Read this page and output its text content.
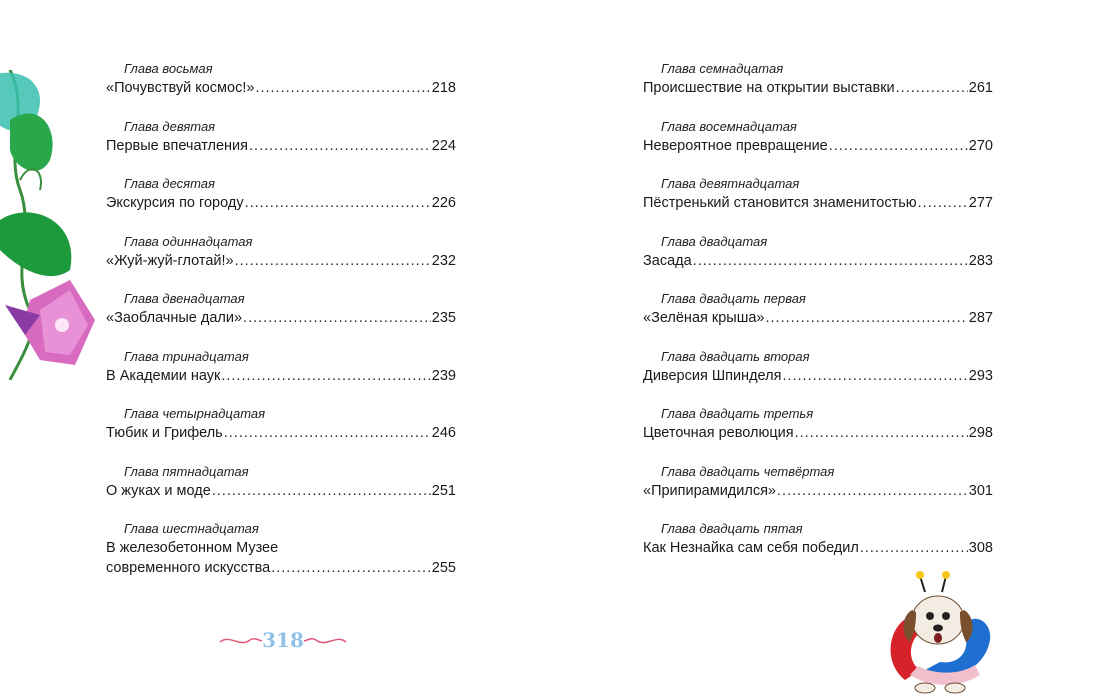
Глава восьмая
«Почувствуй космос!» .....	218
Глава девятая
Первые впечатления .....	224
Глава десятая
Экскурсия по городу .....	226
Глава одиннадцатая
«Жуй-жуй-глотай!» .....	232
Глава двенадцатая
«Заоблачные дали» .....	235
Глава тринадцатая
В Академии наук .....	239
Глава четырнадцатая
Тюбик и Грифель .....	246
Глава пятнадцатая
О жуках и моде .....	251
Глава шестнадцатая
В железобетонном Музее
современного искусства .....	255
Глава семнадцатая
Происшествие на открытии выставки .....	261
Глава восемнадцатая
Невероятное превращение .....	270
Глава девятнадцатая
Пёстренький становится знаменитостью .....	277
Глава двадцатая
Засада .....	283
Глава двадцать первая
«Зелёная крыша» .....	287
Глава двадцать вторая
Диверсия Шпинделя .....	293
Глава двадцать третья
Цветочная революция .....	298
Глава двадцать четвёртая
«Припирамидился» .....	301
Глава двадцать пятая
Как Незнайка сам себя победил .....	308
318
